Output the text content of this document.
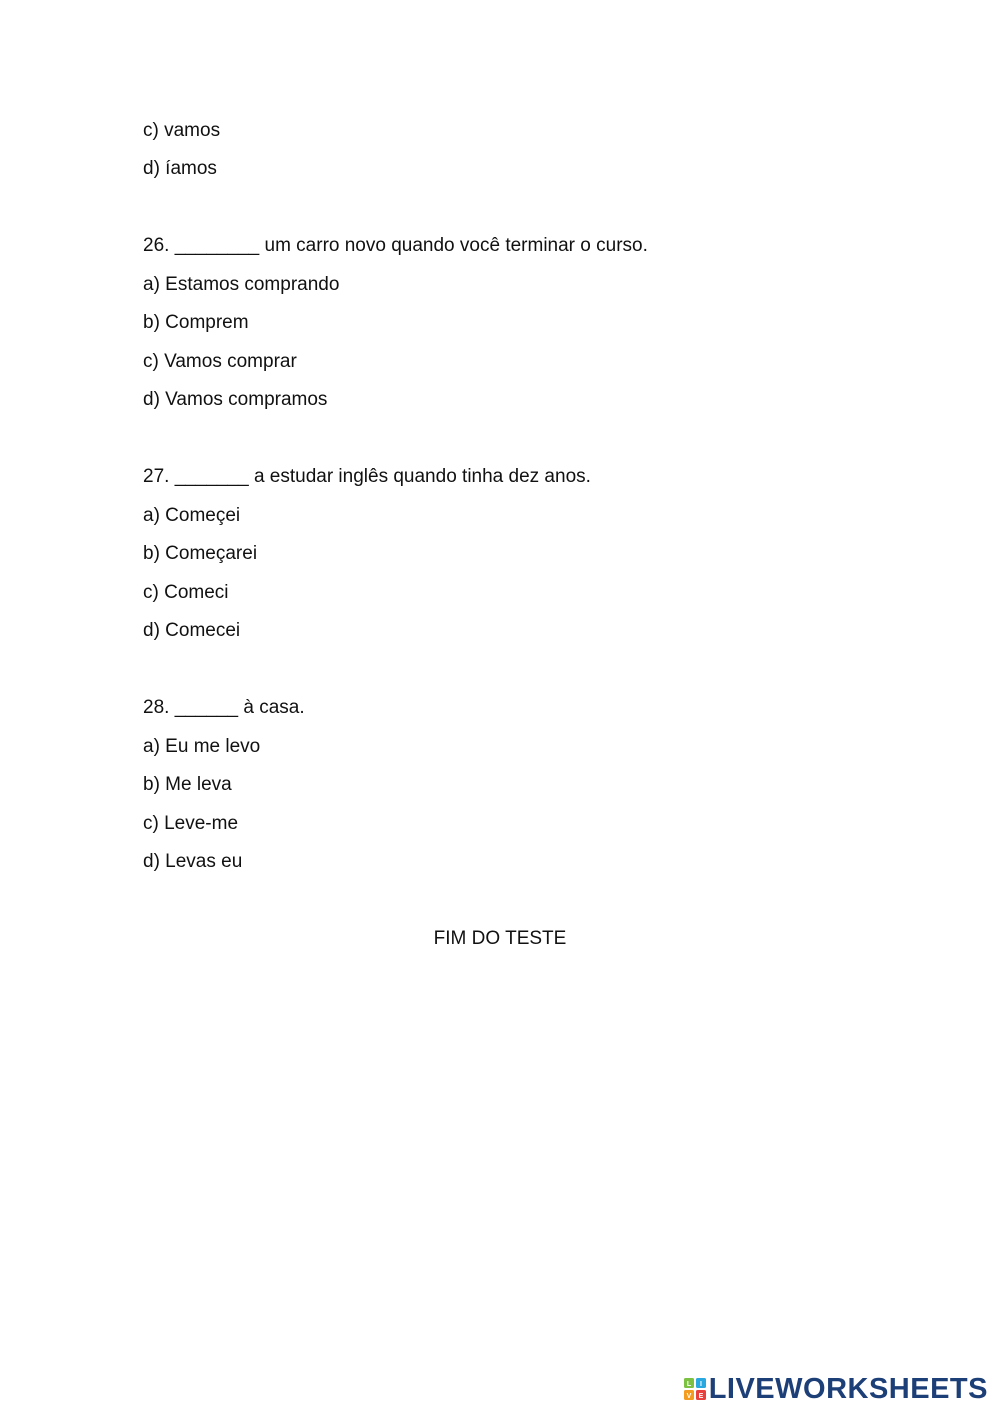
c) vamos
d) íamos
26. ________ um carro novo quando você terminar o curso.
a) Estamos comprando
b) Comprem
c) Vamos comprar
d) Vamos compramos
27. _______ a estudar inglês quando tinha dez anos.
a) Começei
b) Começarei
c) Comeci
d) Comecei
28. ______ à casa.
a) Eu me levo
b) Me leva
c) Leve-me
d) Levas eu
FIM DO TESTE
L I
V E LIVEWORKSHEETS
